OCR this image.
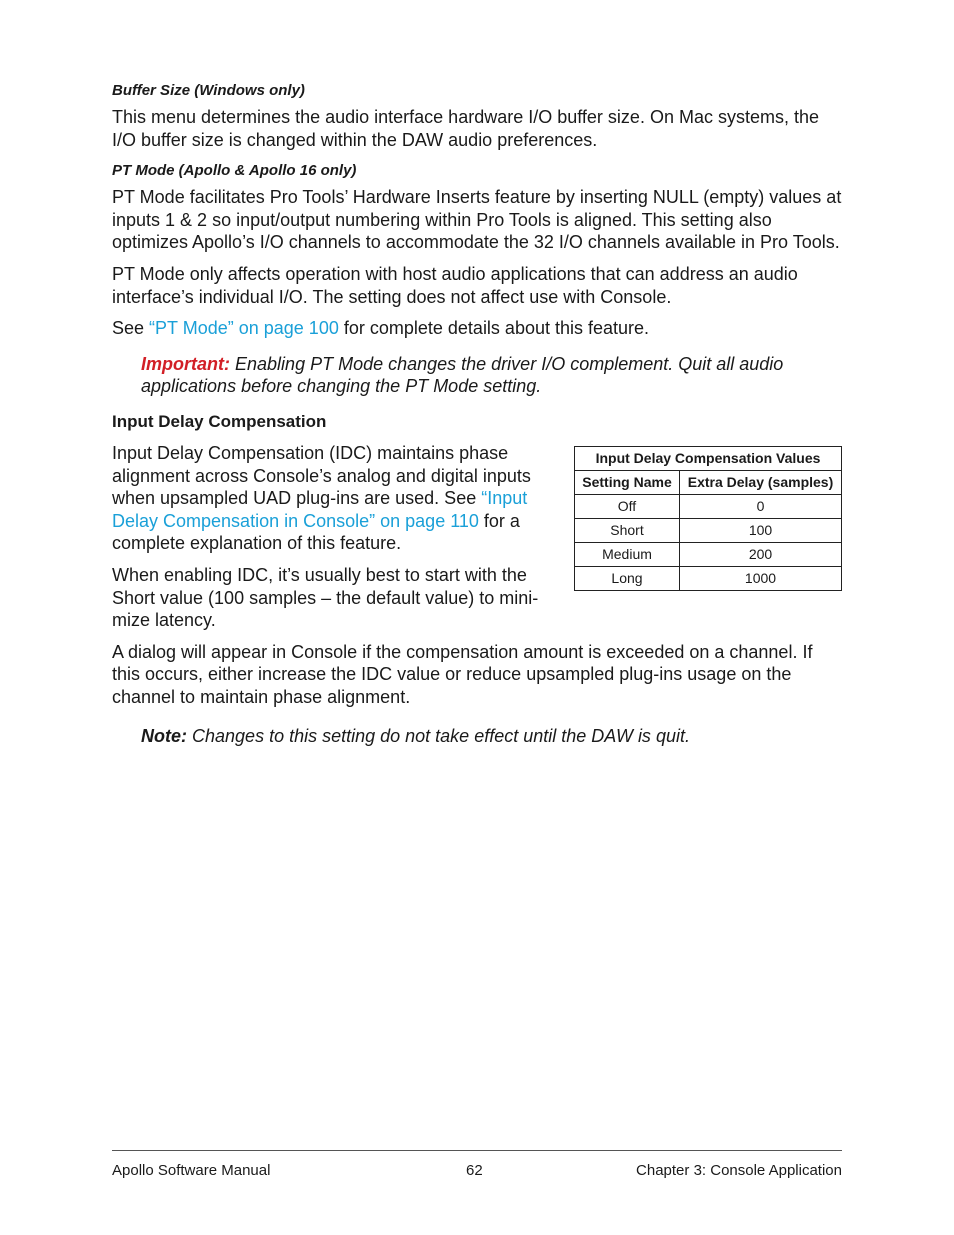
Buffer Size (Windows only)
This menu determines the audio interface hardware I/O buffer size. On Mac systems, the I/O buffer size is changed within the DAW audio preferences.
PT Mode (Apollo & Apollo 16 only)
PT Mode facilitates Pro Tools’ Hardware Inserts feature by inserting NULL (empty) values at inputs 1 & 2 so input/output numbering within Pro Tools is aligned. This setting also optimizes Apollo’s I/O channels to accommodate the 32 I/O channels available in Pro Tools.
PT Mode only affects operation with host audio applications that can address an audio interface’s individual I/O. The setting does not affect use with Console.
See “PT Mode” on page 100 for complete details about this feature.
Important: Enabling PT Mode changes the driver I/O complement. Quit all audio applications before changing the PT Mode setting.
Input Delay Compensation
Input Delay Compensation (IDC) maintains phase alignment across Console’s analog and digital inputs when upsampled UAD plug-ins are used. See “Input Delay Compensation in Console” on page 110 for a complete explanation of this feature.
When enabling IDC, it’s usually best to start with the Short value (100 samples – the default value) to mini-mize latency.
Input Delay Compensation Values	
Setting Name	Extra Delay (samples)
Off	0
Short	100
Medium	200
Long	1000
A dialog will appear in Console if the compensation amount is exceeded on a channel. If this occurs, either increase the IDC value or reduce upsampled plug-ins usage on the channel to maintain phase alignment.
Note: Changes to this setting do not take effect until the DAW is quit.
Apollo Software Manual	62	Chapter 3: Console Application
